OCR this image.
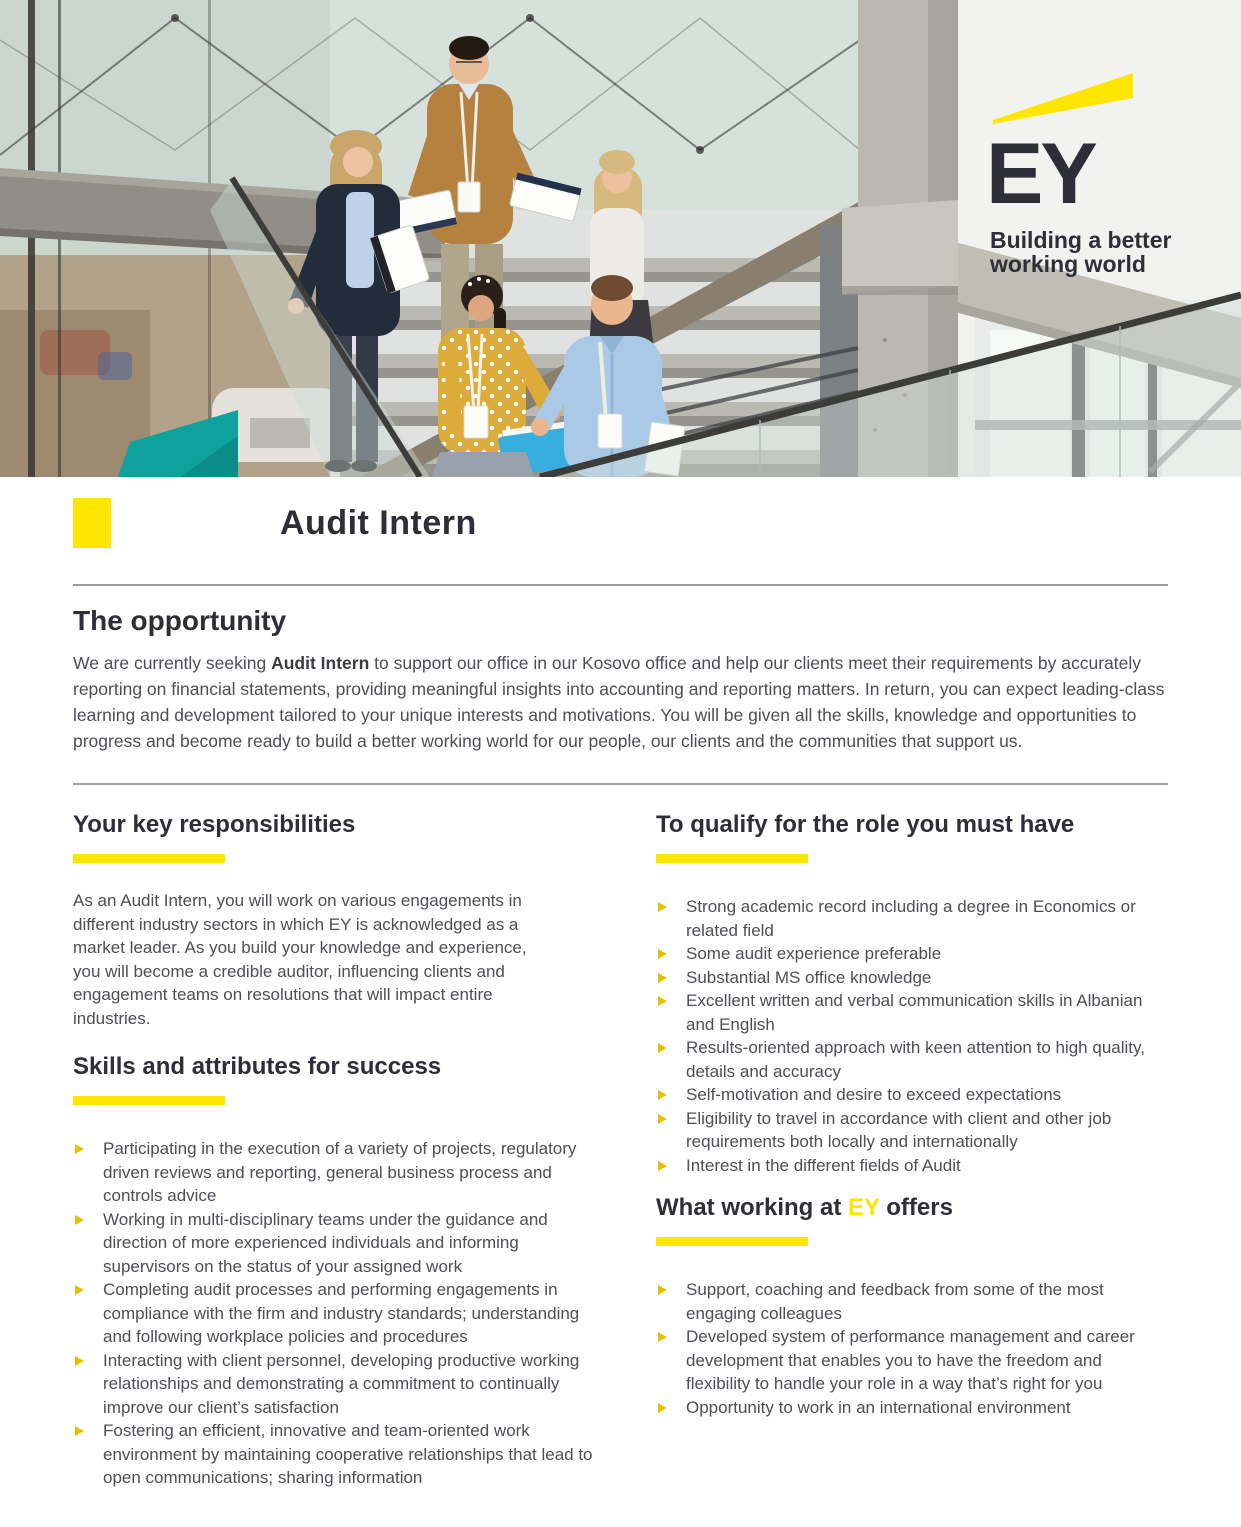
EY
Building a better
working world
Audit Intern
The opportunity

We are currently seeking Audit Intern to support our office in our Kosovo office and help our clients meet their requirements by accurately reporting on financial statements, providing meaningful insights into accounting and reporting matters. In return, you can expect leading-class learning and development tailored to your unique interests and motivations. You will be given all the skills, knowledge and opportunities to progress and become ready to build a better working world for our people, our clients and the communities that support us.

Your key responsibilities

As an Audit Intern, you will work on various engagements in different industry sectors in which EY is acknowledged as a market leader. As you build your knowledge and experience, you will become a credible auditor, influencing clients and engagement teams on resolutions that will impact entire industries.

Skills and attributes for success
Participating in the execution of a variety of projects, regulatory driven reviews and reporting, general business process and controls advice
Working in multi-disciplinary teams under the guidance and direction of more experienced individuals and informing supervisors on the status of your assigned work
Completing audit processes and performing engagements in compliance with the firm and industry standards; understanding and following workplace policies and procedures
Interacting with client personnel, developing productive working relationships and demonstrating a commitment to continually improve our client’s satisfaction
Fostering an efficient, innovative and team-oriented work environment by maintaining cooperative relationships that lead to open communications; sharing information
To qualify for the role you must have
Strong academic record including a degree in Economics or related field
Some audit experience preferable
Substantial MS office knowledge
Excellent written and verbal communication skills in Albanian and English
Results-oriented approach with keen attention to high quality, details and accuracy
Self-motivation and desire to exceed expectations
Eligibility to travel in accordance with client and other job requirements both locally and internationally
Interest in the different fields of Audit
What working at EY offers
Support, coaching and feedback from some of the most engaging colleagues
Developed system of performance management and career development that enables you to have the freedom and flexibility to handle your role in a way that’s right for you
Opportunity to work in an international environment
